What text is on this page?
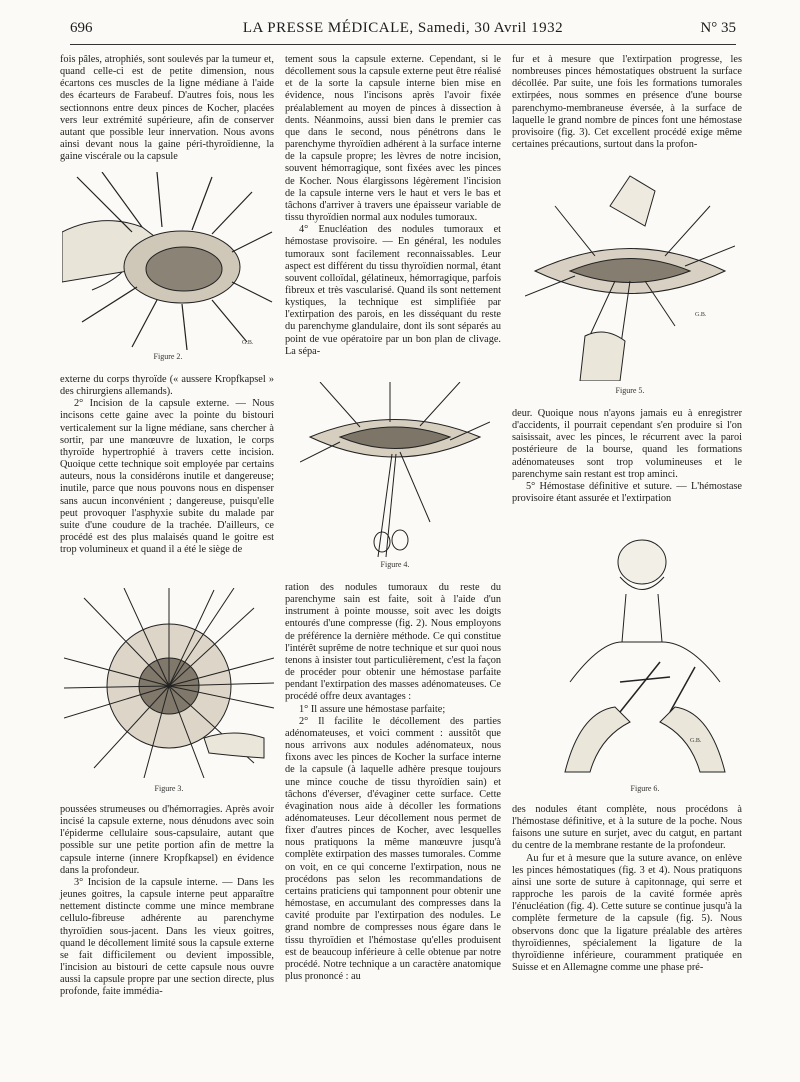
696	LA PRESSE MÉDICALE, Samedi, 30 Avril 1932	N° 35

fois pâles, atrophiés, sont soulevés par la tumeur et, quand celle-ci est de petite dimension, nous écartons ces muscles de la ligne médiane à l'aide des écarteurs de Farabeuf. D'autres fois, nous les sectionnons entre deux pinces de Kocher, placées vers leur extrémité supérieure, afin de conserver autant que possible leur innervation. Nous avons ainsi devant nous la gaine péri-thyroïdienne, la gaine viscérale ou la capsule

G.B.
Figure 2.

externe du corps thyroïde (« aussere Kropfkapsel » des chirurgiens allemands).

2° Incision de la capsule externe. — Nous incisons cette gaine avec la pointe du bistouri verticalement sur la ligne médiane, sans chercher à sortir, par une manœuvre de luxation, le corps thyroïde hypertrophié à travers cette incision. Quoique cette technique soit employée par certains auteurs, nous la considérons inutile et dangereuse; inutile, parce que nous pouvons nous en dispenser sans aucun inconvénient ; dangereuse, puisqu'elle peut provoquer l'asphyxie subite du malade par suite d'une coudure de la trachée. D'ailleurs, ce procédé est des plus malaisés quand le goitre est trop volumineux et quand il a été le siège de

Figure 3.

poussées strumeuses ou d'hémorragies. Après avoir incisé la capsule externe, nous dénudons avec soin l'épiderme cellulaire sous-capsulaire, autant que possible sur une petite portion afin de mettre la capsule interne (innere Kropfkapsel) en évidence dans la profondeur.

3° Incision de la capsule interne. — Dans les jeunes goitres, la capsule interne peut apparaître nettement distincte comme une mince membrane cellulo-fibreuse adhérente au parenchyme thyroïdien sous-jacent. Dans les vieux goitres, quand le décollement limité sous la capsule externe se fait difficilement ou devient impossible, l'incision au bistouri de cette capsule nous ouvre aussi la capsule propre par une section directe, plus profonde, faite immédia-

tement sous la capsule externe. Cependant, si le décollement sous la capsule externe peut être réalisé et de la sorte la capsule interne bien mise en évidence, nous l'incisons après l'avoir fixée préalablement au moyen de pinces à dissection à dents. Néanmoins, aussi bien dans le premier cas que dans le second, nous pénétrons dans le parenchyme thyroïdien adhérent à la surface interne de la capsule propre; les lèvres de notre incision, souvent hémorragique, sont fixées avec les pinces de Kocher. Nous élargissons légèrement l'incision de la capsule interne vers le haut et vers le bas et tâchons d'arriver à travers une épaisseur variable de tissu thyroïdien normal aux nodules tumoraux.

4° Enucléation des nodules tumoraux et hémostase provisoire. — En général, les nodules tumoraux sont facilement reconnaissables. Leur aspect est différent du tissu thyroïdien normal, étant souvent colloïdal, gélatineux, hémorragique, parfois fibreux et très vascularisé. Quand ils sont nettement kystiques, la technique est simplifiée par l'extirpation des parois, en les disséquant du reste du parenchyme glandulaire, dont ils sont séparés au point de vue opératoire par un bon plan de clivage. La sépa-

Figure 4.

ration des nodules tumoraux du reste du parenchyme sain est faite, soit à l'aide d'un instrument à pointe mousse, soit avec les doigts entourés d'une compresse (fig. 2). Nous employons de préférence la dernière méthode. Ce qui constitue l'intérêt suprême de notre technique et sur quoi nous tenons à insister tout particulièrement, c'est la façon de procéder pour obtenir une hémostase parfaite pendant l'extirpation des masses adénomateuses. Ce procédé offre deux avantages :

1° Il assure une hémostase parfaite;

2° Il facilite le décollement des parties adénomateuses, et voici comment : aussitôt que nous arrivons aux nodules adénomateux, nous fixons avec les pinces de Kocher la surface interne de la capsule (à laquelle adhère presque toujours une mince couche de tissu thyroïdien sain) et tâchons d'éverser, d'évaginer cette surface. Cette évagination nous aide à décoller les formations adénomateuses. Leur décollement nous permet de fixer d'autres pinces de Kocher, avec lesquelles nous pratiquons la même manœuvre jusqu'à complète extirpation des masses tumorales. Comme on voit, en ce qui concerne l'extirpation, nous ne procédons pas selon les recommandations de certains praticiens qui tamponnent pour obtenir une hémostase, en accumulant des compresses dans la cavité produite par l'extirpation des nodules. Le grand nombre de compresses nous égare dans le tissu thyroïdien et l'hémostase qu'elles produisent est de beaucoup inférieure à celle obtenue par notre procédé. Notre technique a un caractère anatomique plus prononcé : au

fur et à mesure que l'extirpation progresse, les nombreuses pinces hémostatiques obstruent la surface décollée. Par suite, une fois les formations tumorales extirpées, nous sommes en présence d'une bourse parenchymo-membraneuse éversée, à la surface de laquelle le grand nombre de pinces font une hémostase provisoire (fig. 3). Cet excellent procédé exige même certaines précautions, surtout dans la profon-

G.B.
Figure 5.

deur. Quoique nous n'ayons jamais eu à enregistrer d'accidents, il pourrait cependant s'en produire si l'on saisissait, avec les pinces, le récurrent avec la paroi postérieure de la bourse, quand les formations adénomateuses sont trop volumineuses et le parenchyme sain restant est trop aminci.

5° Hémostase définitive et suture. — L'hémostase provisoire étant assurée et l'extirpation

G.B.
Figure 6.

des nodules étant complète, nous procédons à l'hémostase définitive, et à la suture de la poche. Nous faisons une suture en surjet, avec du catgut, en partant du centre de la membrane restante de la profondeur.

Au fur et à mesure que la suture avance, on enlève les pinces hémostatiques (fig. 3 et 4). Nous pratiquons ainsi une sorte de suture à capitonnage, qui serre et rapproche les parois de la cavité formée après l'énucléation (fig. 4). Cette suture se continue jusqu'à la complète fermeture de la capsule (fig. 5). Nous observons donc que la ligature préalable des artères thyroïdiennes, spécialement la ligature de la thyroïdienne inférieure, couramment pratiquée en Suisse et en Allemagne comme une phase pré-
